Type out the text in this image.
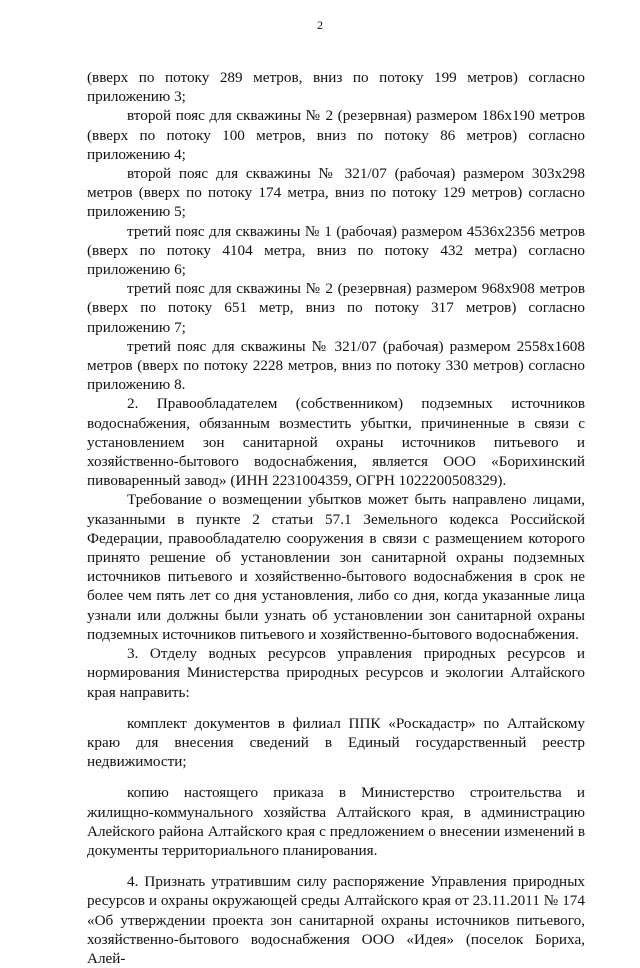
2

(вверх по потоку 289 метров, вниз по потоку 199 метров) согласно приложению 3;

второй пояс для скважины № 2 (резервная) размером 186х190 метров (вверх по потоку 100 метров, вниз по потоку 86 метров) согласно приложению 4;

второй пояс для скважины № 321/07 (рабочая) размером 303х298 метров (вверх по потоку 174 метра, вниз по потоку 129 метров) согласно приложению 5;

третий пояс для скважины № 1 (рабочая) размером 4536х2356 метров (вверх по потоку 4104 метра, вниз по потоку 432 метра) согласно приложению 6;

третий пояс для скважины № 2 (резервная) размером 968х908 метров (вверх по потоку 651 метр, вниз по потоку 317 метров) согласно приложению 7;

третий пояс для скважины № 321/07 (рабочая) размером 2558х1608 метров (вверх по потоку 2228 метров, вниз по потоку 330 метров) согласно приложению 8.

2. Правообладателем (собственником) подземных источников водоснабжения, обязанным возместить убытки, причиненные в связи с установлением зон санитарной охраны источников питьевого и хозяйственно-бытового водоснабжения, является ООО «Борихинский пивоваренный завод» (ИНН 2231004359, ОГРН 1022200508329).

Требование о возмещении убытков может быть направлено лицами, указанными в пункте 2 статьи 57.1 Земельного кодекса Российской Федерации, правообладателю сооружения в связи с размещением которого принято решение об установлении зон санитарной охраны подземных источников питьевого и хозяйственно-бытового водоснабжения в срок не более чем пять лет со дня установления, либо со дня, когда указанные лица узнали или должны были узнать об установлении зон санитарной охраны подземных источников питьевого и хозяйственно-бытового водоснабжения.

3. Отделу водных ресурсов управления природных ресурсов и нормирования Министерства природных ресурсов и экологии Алтайского края направить:

комплект документов в филиал ППК «Роскадастр» по Алтайскому краю для внесения сведений в Единый государственный реестр недвижимости;

копию настоящего приказа в Министерство строительства и жилищно-коммунального хозяйства Алтайского края, в администрацию Алейского района Алтайского края с предложением о внесении изменений в документы территориального планирования.

4. Признать утратившим силу распоряжение Управления природных ресурсов и охраны окружающей среды Алтайского края от 23.11.2011 № 174 «Об утверждении проекта зон санитарной охраны источников питьевого, хозяйственно-бытового водоснабжения ООО «Идея» (поселок Бориха, Алей-
